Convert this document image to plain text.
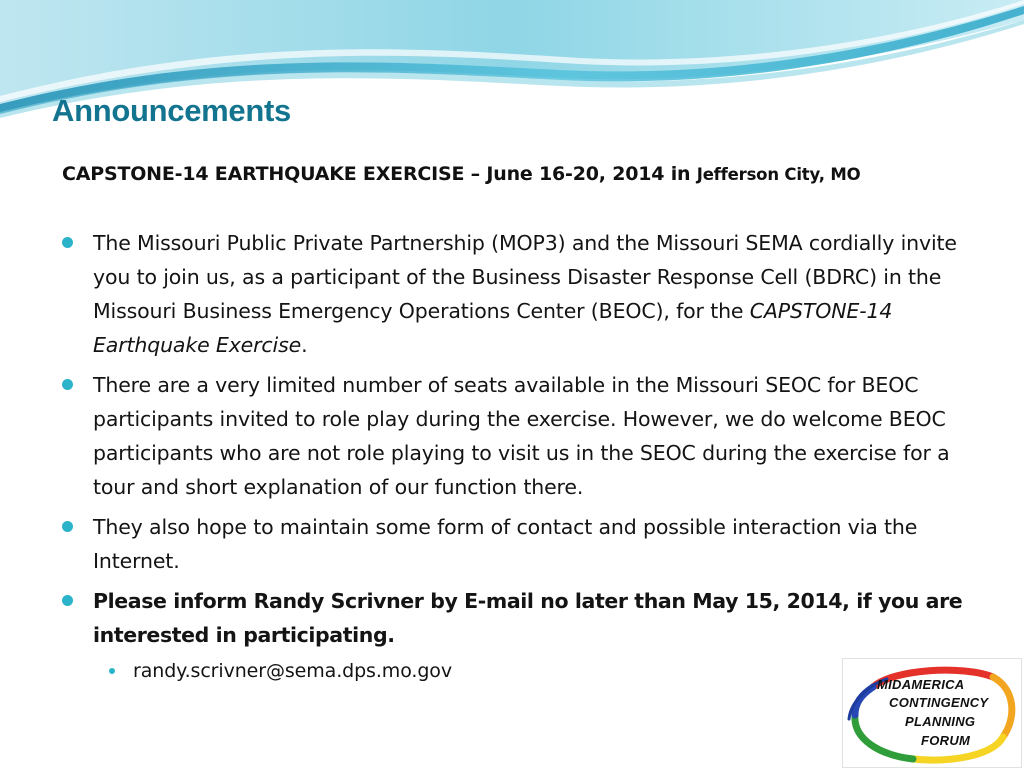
Announcements
CAPSTONE-14 EARTHQUAKE EXERCISE – June 16-20, 2014 in Jefferson City, MO
The Missouri Public Private Partnership (MOP3) and the Missouri SEMA cordially invite you to join us, as a participant of the Business Disaster Response Cell (BDRC) in the Missouri Business Emergency Operations Center (BEOC), for the CAPSTONE-14 Earthquake Exercise.
There are a very limited number of seats available in the Missouri SEOC for BEOC participants invited to role play during the exercise. However, we do welcome BEOC participants who are not role playing to visit us in the SEOC during the exercise for a tour and short explanation of our function there.
They also hope to maintain some form of contact and possible interaction via the Internet.
Please inform Randy Scrivner by E-mail no later than May 15, 2014, if you are interested in participating.
randy.scrivner@sema.dps.mo.gov
MIDAMERICA
CONTINGENCY
PLANNING
FORUM
